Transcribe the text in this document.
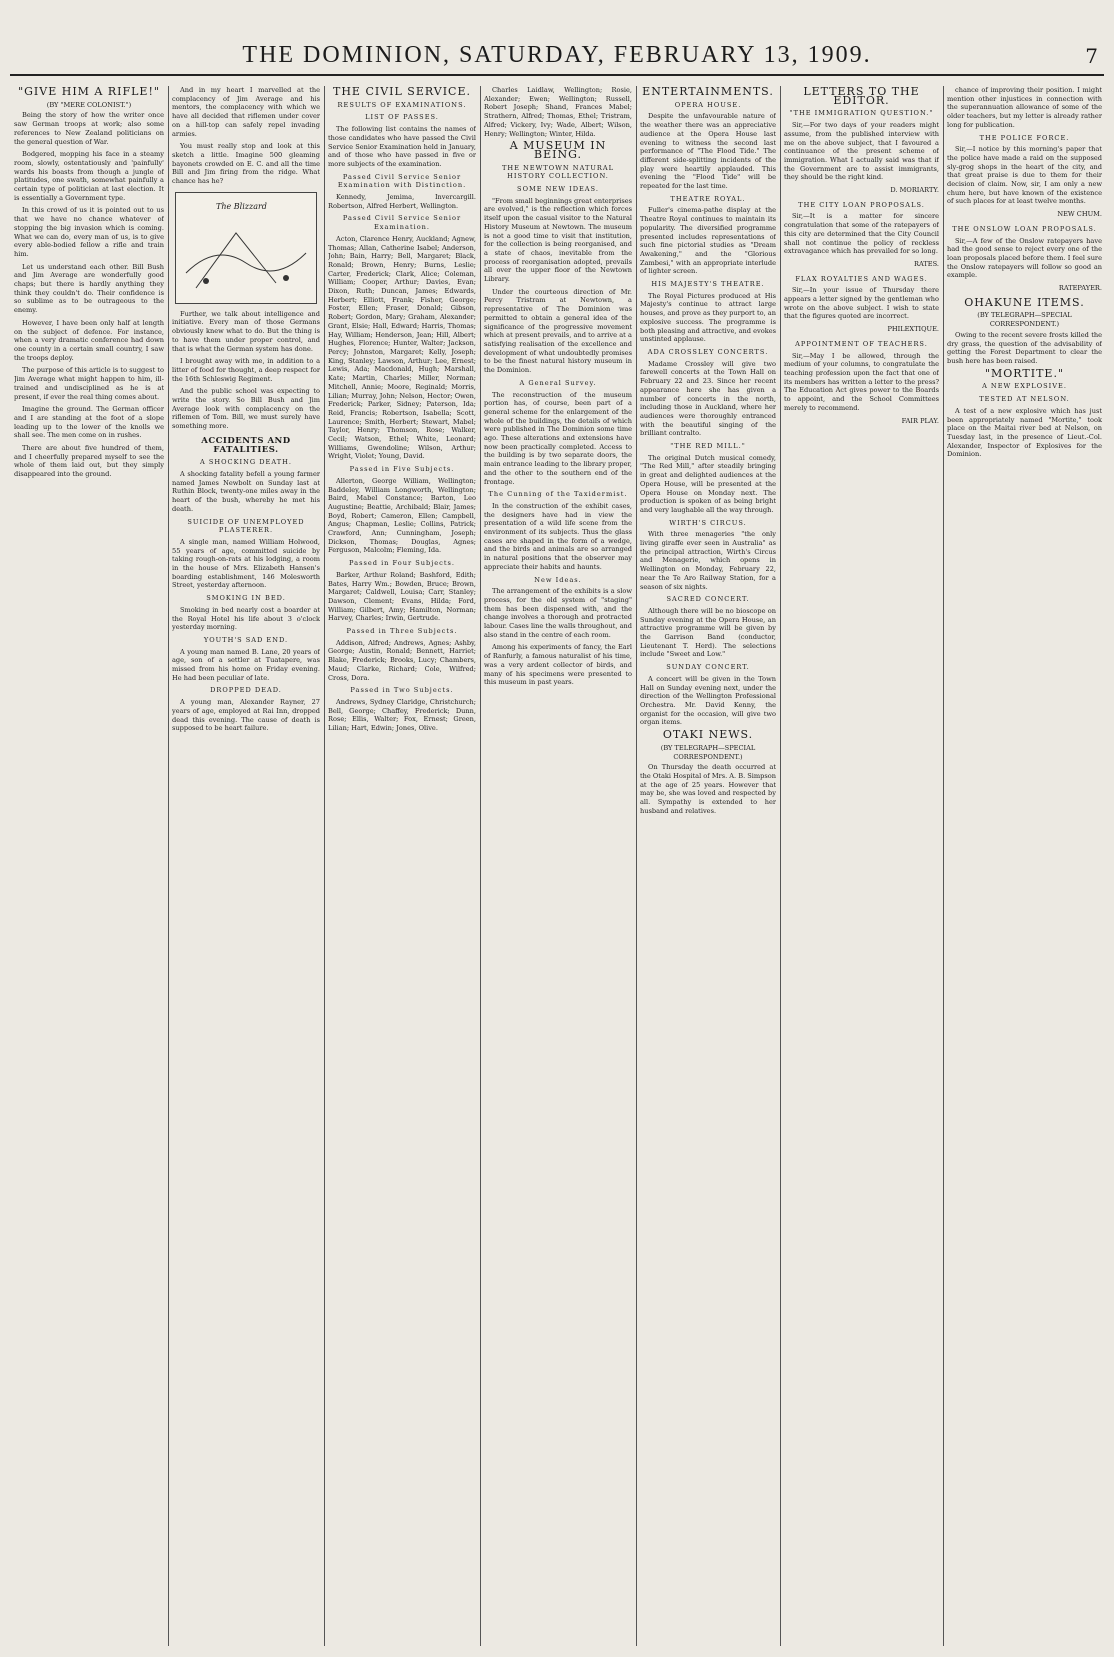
THE DOMINION, SATURDAY, FEBRUARY 13, 1909.	7
"GIVE HIM A RIFLE!"
(BY "MERE COLONIST.")

Being the story of how the writer once saw German troops at work; also some references to New Zealand politicians on the general question of War.

Bodgered, mopping his face in a steamy room, slowly, ostentatiously and 'painfully' wards his boasts from though a jungle of platitudes, one swath, somewhat painfully a certain type of politician at last election. It is essentially a Government type.

In this crowd of us it is pointed out to us that we have no chance whatever of stopping the big invasion which is coming. What we can do, every man of us, is to give every able-bodied fellow a rifle and train him.

Let us understand each other. Bill Bush and Jim Average are wonderfully good chaps; but there is hardly anything they think they couldn't do. Their confidence is so sublime as to be outrageous to the enemy.

However, I have been only half at length on the subject of defence. For instance, when a very dramatic conference had down one county in a certain small country, I saw the troops deploy.

The purpose of this article is to suggest to Jim Average what might happen to him, ill-trained and undisciplined as he is at present, if ever the real thing comes about.

Imagine the ground. The German officer and I are standing at the foot of a slope leading up to the lower of the knolls we shall see. The men come on in rushes.

There are about five hundred of them, and I cheerfully prepared myself to see the whole of them laid out, but they simply disappeared into the ground.

And in my heart I marvelled at the complacency of Jim Average and his mentors, the complacency with which we have all decided that riflemen under cover on a hill-top can safely repel invading armies.

You must really stop and look at this sketch a little. Imagine 500 gleaming bayonets crowded on E. C. and all the time Bill and Jim firing from the ridge. What chance has he?

The Blizzard

Further, we talk about intelligence and initiative. Every man of those Germans obviously knew what to do. But the thing is to have them under proper control, and that is what the German system has done.

I brought away with me, in addition to a litter of food for thought, a deep respect for the 16th Schleswig Regiment.

And the public school was expecting to write the story. So Bill Bush and Jim Average look with complacency on the riflemen of Tom. Bill, we must surely have something more.

ACCIDENTS AND FATALITIES.
A SHOCKING DEATH.

A shocking fatality befell a young farmer named James Newbolt on Sunday last at Ruthin Block, twenty-one miles away in the heart of the bush, whereby he met his death.

SUICIDE OF UNEMPLOYED PLASTERER.

A single man, named William Holwood, 55 years of age, committed suicide by taking rough-on-rats at his lodging, a room in the house of Mrs. Elizabeth Hansen's boarding establishment, 146 Molesworth Street, yesterday afternoon.

SMOKING IN BED.

Smoking in bed nearly cost a boarder at the Royal Hotel his life about 3 o'clock yesterday morning.

YOUTH'S SAD END.

A young man named B. Lane, 20 years of age, son of a settler at Tuatapere, was missed from his home on Friday evening. He had been peculiar of late.

DROPPED DEAD.

A young man, Alexander Rayner, 27 years of age, employed at Rai Inn, dropped dead this evening. The cause of death is supposed to be heart failure.

THE CIVIL SERVICE.
RESULTS OF EXAMINATIONS.
LIST OF PASSES.

The following list contains the names of those candidates who have passed the Civil Service Senior Examination held in January, and of those who have passed in five or more subjects of the examination.

Passed Civil Service Senior Examination with Distinction.

Kennedy, Jemima, Invercargill. Robertson, Alfred Herbert, Wellington.

Passed Civil Service Senior Examination.

Acton, Clarence Henry, Auckland; Agnew, Thomas; Allan, Catherine Isabel; Anderson, John; Bain, Harry; Bell, Margaret; Black, Ronald; Brown, Henry; Burns, Leslie; Carter, Frederick; Clark, Alice; Coleman, William; Cooper, Arthur; Davies, Evan; Dixon, Ruth; Duncan, James; Edwards, Herbert; Elliott, Frank; Fisher, George; Foster, Ellen; Fraser, Donald; Gibson, Robert; Gordon, Mary; Graham, Alexander; Grant, Elsie; Hall, Edward; Harris, Thomas; Hay, William; Henderson, Jean; Hill, Albert; Hughes, Florence; Hunter, Walter; Jackson, Percy; Johnston, Margaret; Kelly, Joseph; King, Stanley; Lawson, Arthur; Lee, Ernest; Lewis, Ada; Macdonald, Hugh; Marshall, Kate; Martin, Charles; Miller, Norman; Mitchell, Annie; Moore, Reginald; Morris, Lilian; Murray, John; Nelson, Hector; Owen, Frederick; Parker, Sidney; Paterson, Ida; Reid, Francis; Robertson, Isabella; Scott, Laurence; Smith, Herbert; Stewart, Mabel; Taylor, Henry; Thomson, Rose; Walker, Cecil; Watson, Ethel; White, Leonard; Williams, Gwendoline; Wilson, Arthur; Wright, Violet; Young, David.

Passed in Five Subjects.

Allerton, George William, Wellington; Baddeley, William Longworth, Wellington; Baird, Mabel Constance; Barton, Leo Augustine; Beattie, Archibald; Blair, James; Boyd, Robert; Cameron, Ellen; Campbell, Angus; Chapman, Leslie; Collins, Patrick; Crawford, Ann; Cunningham, Joseph; Dickson, Thomas; Douglas, Agnes; Ferguson, Malcolm; Fleming, Ida.

Passed in Four Subjects.

Barker, Arthur Roland; Bashford, Edith; Bates, Harry Wm.; Bowden, Bruce; Brown, Margaret; Caldwell, Louisa; Carr, Stanley; Dawson, Clement; Evans, Hilda; Ford, William; Gilbert, Amy; Hamilton, Norman; Harvey, Charles; Irwin, Gertrude.

Passed in Three Subjects.

Addison, Alfred; Andrews, Agnes; Ashby, George; Austin, Ronald; Bennett, Harriet; Blake, Frederick; Brooks, Lucy; Chambers, Maud; Clarke, Richard; Cole, Wilfred; Cross, Dora.

Passed in Two Subjects.

Andrews, Sydney Claridge, Christchurch; Bell, George; Chaffey, Frederick; Dunn, Rose; Ellis, Walter; Fox, Ernest; Green, Lilian; Hart, Edwin; Jones, Olive.

Charles Laidlaw, Wellington; Rosie, Alexander; Ewen; Wellington; Russell, Robert Joseph; Shand, Frances Mabel; Strathern, Alfred; Thomas, Ethel; Tristram, Alfred; Vickery, Ivy; Wade, Albert; Wilson, Henry; Wellington; Winter, Hilda.

A MUSEUM IN BEING.
THE NEWTOWN NATURAL HISTORY COLLECTION.
SOME NEW IDEAS.

"From small beginnings great enterprises are evolved," is the reflection which forces itself upon the casual visitor to the Natural History Museum at Newtown. The museum is not a good time to visit that institution, for the collection is being reorganised, and a state of chaos, inevitable from the process of reorganisation adopted, prevails all over the upper floor of the Newtown Library.

Under the courteous direction of Mr. Percy Tristram at Newtown, a representative of The Dominion was permitted to obtain a general idea of the significance of the progressive movement which at present prevails, and to arrive at a satisfying realisation of the excellence and development of what undoubtedly promises to be the finest natural history museum in the Dominion.

A General Survey.

The reconstruction of the museum portion has, of course, been part of a general scheme for the enlargement of the whole of the buildings, the details of which were published in The Dominion some time ago. These alterations and extensions have now been practically completed. Access to the building is by two separate doors, the main entrance leading to the library proper, and the other to the southern end of the frontage.

The Cunning of the Taxidermist.

In the construction of the exhibit cases, the designers have had in view the presentation of a wild life scene from the environment of its subjects. Thus the glass cases are shaped in the form of a wedge, and the birds and animals are so arranged in natural positions that the observer may appreciate their habits and haunts.

New Ideas.

The arrangement of the exhibits is a slow process, for the old system of "staging" them has been dispensed with, and the change involves a thorough and protracted labour. Cases line the walls throughout, and also stand in the centre of each room.

Among his experiments of fancy, the Earl of Ranfurly, a famous naturalist of his time, was a very ardent collector of birds, and many of his specimens were presented to this museum in past years.

ENTERTAINMENTS.
OPERA HOUSE.

Despite the unfavourable nature of the weather there was an appreciative audience at the Opera House last evening to witness the second last performance of "The Flood Tide." The different side-splitting incidents of the play were heartily applauded. This evening the "Flood Tide" will be repeated for the last time.

THEATRE ROYAL.

Fuller's cinema-pathe display at the Theatre Royal continues to maintain its popularity. The diversified programme presented includes representations of such fine pictorial studies as "Dream Awakening," and the "Glorious Zambesi," with an appropriate interlude of lighter screen.

HIS MAJESTY'S THEATRE.

The Royal Pictures produced at His Majesty's continue to attract large houses, and prove as they purport to, an explosive success. The programme is both pleasing and attractive, and evokes unstinted applause.

ADA CROSSLEY CONCERTS.

Madame Crossley will give two farewell concerts at the Town Hall on February 22 and 23. Since her recent appearance here she has given a number of concerts in the north, including those in Auckland, where her audiences were thoroughly entranced with the beautiful singing of the brilliant contralto.

"THE RED MILL."

The original Dutch musical comedy, "The Red Mill," after steadily bringing in great and delighted audiences at the Opera House, will be presented at the Opera House on Monday next. The production is spoken of as being bright and very laughable all the way through.

WIRTH'S CIRCUS.

With three menageries "the only living giraffe ever seen in Australia" as the principal attraction, Wirth's Circus and Menagerie, which opens in Wellington on Monday, February 22, near the Te Aro Railway Station, for a season of six nights.

SACRED CONCERT.

Although there will be no bioscope on Sunday evening at the Opera House, an attractive programme will be given by the Garrison Band (conductor, Lieutenant T. Herd). The selections include "Sweet and Low."

SUNDAY CONCERT.

A concert will be given in the Town Hall on Sunday evening next, under the direction of the Wellington Professional Orchestra. Mr. David Kenny, the organist for the occasion, will give two organ items.

OTAKI NEWS.
(BY TELEGRAPH—SPECIAL CORRESPONDENT.)

On Thursday the death occurred at the Otaki Hospital of Mrs. A. B. Simpson at the age of 25 years. However that may be, she was loved and respected by all. Sympathy is extended to her husband and relatives.

LETTERS TO THE EDITOR.
"THE IMMIGRATION QUESTION."

Sir,—For two days of your readers might assume, from the published interview with me on the above subject, that I favoured a continuance of the present scheme of immigration. What I actually said was that if the Government are to assist immigrants, they should be the right kind.

D. MORIARTY.
THE CITY LOAN PROPOSALS.

Sir,—It is a matter for sincere congratulation that some of the ratepayers of this city are determined that the City Council shall not continue the policy of reckless extravagance which has prevailed for so long.

RATES.
FLAX ROYALTIES AND WAGES.

Sir,—In your issue of Thursday there appears a letter signed by the gentleman who wrote on the above subject. I wish to state that the figures quoted are incorrect.

PHILEXTIQUE.
APPOINTMENT OF TEACHERS.

Sir,—May I be allowed, through the medium of your columns, to congratulate the teaching profession upon the fact that one of its members has written a letter to the press? The Education Act gives power to the Boards to appoint, and the School Committees merely to recommend.

FAIR PLAY.

chance of improving their position. I might mention other injustices in connection with the superannuation allowance of some of the older teachers, but my letter is already rather long for publication.

THE POLICE FORCE.

Sir,—I notice by this morning's paper that the police have made a raid on the supposed sly-grog shops in the heart of the city, and that great praise is due to them for their decision of claim. Now, sir, I am only a new chum here, but have known of the existence of such places for at least twelve months.

NEW CHUM.
THE ONSLOW LOAN PROPOSALS.

Sir,—A few of the Onslow ratepayers have had the good sense to reject every one of the loan proposals placed before them. I feel sure the Onslow ratepayers will follow so good an example.

RATEPAYER.
OHAKUNE ITEMS.
(BY TELEGRAPH—SPECIAL CORRESPONDENT.)

Owing to the recent severe frosts killed the dry grass, the question of the advisability of getting the Forest Department to clear the bush here has been raised.

"MORTITE."
A NEW EXPLOSIVE.
TESTED AT NELSON.

A test of a new explosive which has just been appropriately named "Mortite," took place on the Maitai river bed at Nelson, on Tuesday last, in the presence of Lieut.-Col. Alexander, Inspector of Explosives for the Dominion.
